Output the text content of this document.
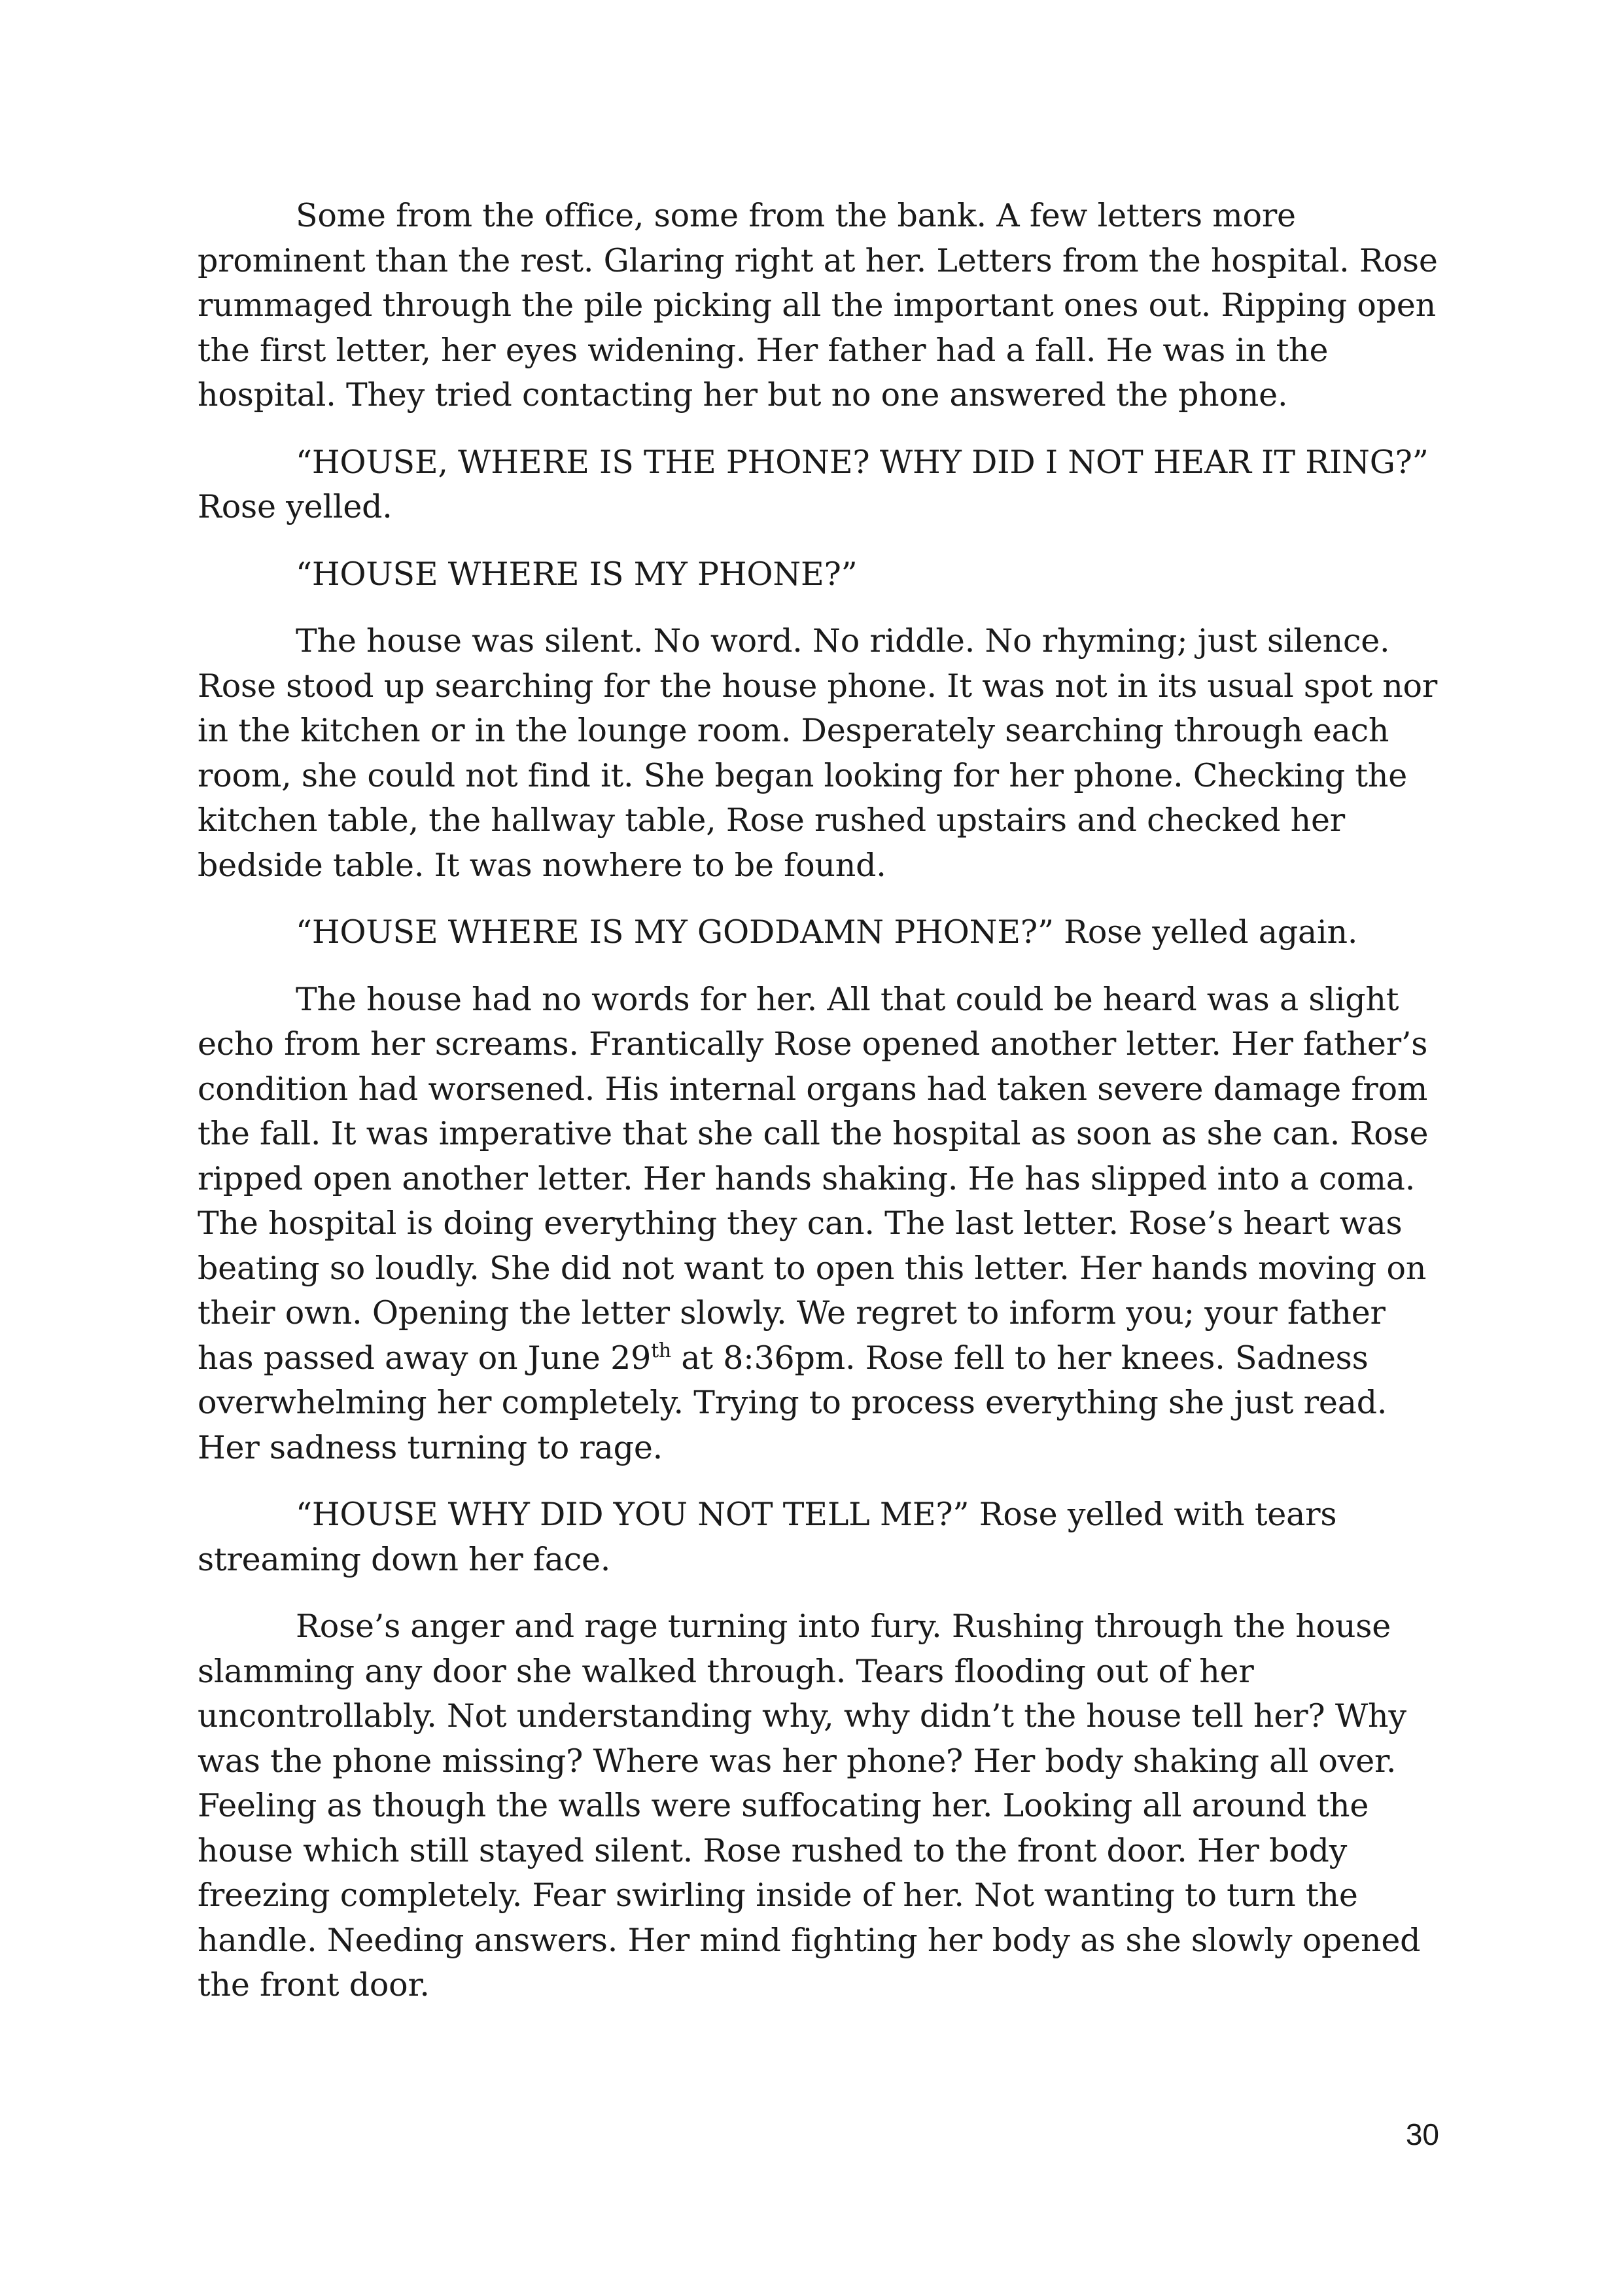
Some from the office, some from the bank. A few letters more prominent than the rest. Glaring right at her. Letters from the hospital. Rose rummaged through the pile picking all the important ones out. Ripping open the first letter, her eyes widening. Her father had a fall. He was in the hospital. They tried contacting her but no one answered the phone.

“HOUSE, WHERE IS THE PHONE? WHY DID I NOT HEAR IT RING?” Rose yelled.

“HOUSE WHERE IS MY PHONE?”

The house was silent. No word. No riddle. No rhyming; just silence. Rose stood up searching for the house phone. It was not in its usual spot nor in the kitchen or in the lounge room. Desperately searching through each room, she could not find it. She began looking for her phone. Checking the kitchen table, the hallway table, Rose rushed upstairs and checked her bedside table. It was nowhere to be found.

“HOUSE WHERE IS MY GODDAMN PHONE?” Rose yelled again.

The house had no words for her. All that could be heard was a slight echo from her screams. Frantically Rose opened another letter. Her father’s condition had worsened. His internal organs had taken severe damage from the fall. It was imperative that she call the hospital as soon as she can. Rose ripped open another letter. Her hands shaking. He has slipped into a coma. The hospital is doing everything they can. The last letter. Rose’s heart was beating so loudly. She did not want to open this letter. Her hands moving on their own. Opening the letter slowly. We regret to inform you; your father has passed away on June 29th at 8:36pm. Rose fell to her knees. Sadness overwhelming her completely. Trying to process everything she just read. Her sadness turning to rage.

“HOUSE WHY DID YOU NOT TELL ME?” Rose yelled with tears streaming down her face.

Rose’s anger and rage turning into fury. Rushing through the house slamming any door she walked through. Tears flooding out of her uncontrollably. Not understanding why, why didn’t the house tell her? Why was the phone missing? Where was her phone? Her body shaking all over. Feeling as though the walls were suffocating her. Looking all around the house which still stayed silent. Rose rushed to the front door. Her body freezing completely. Fear swirling inside of her. Not wanting to turn the handle. Needing answers. Her mind fighting her body as she slowly opened the front door.

30
